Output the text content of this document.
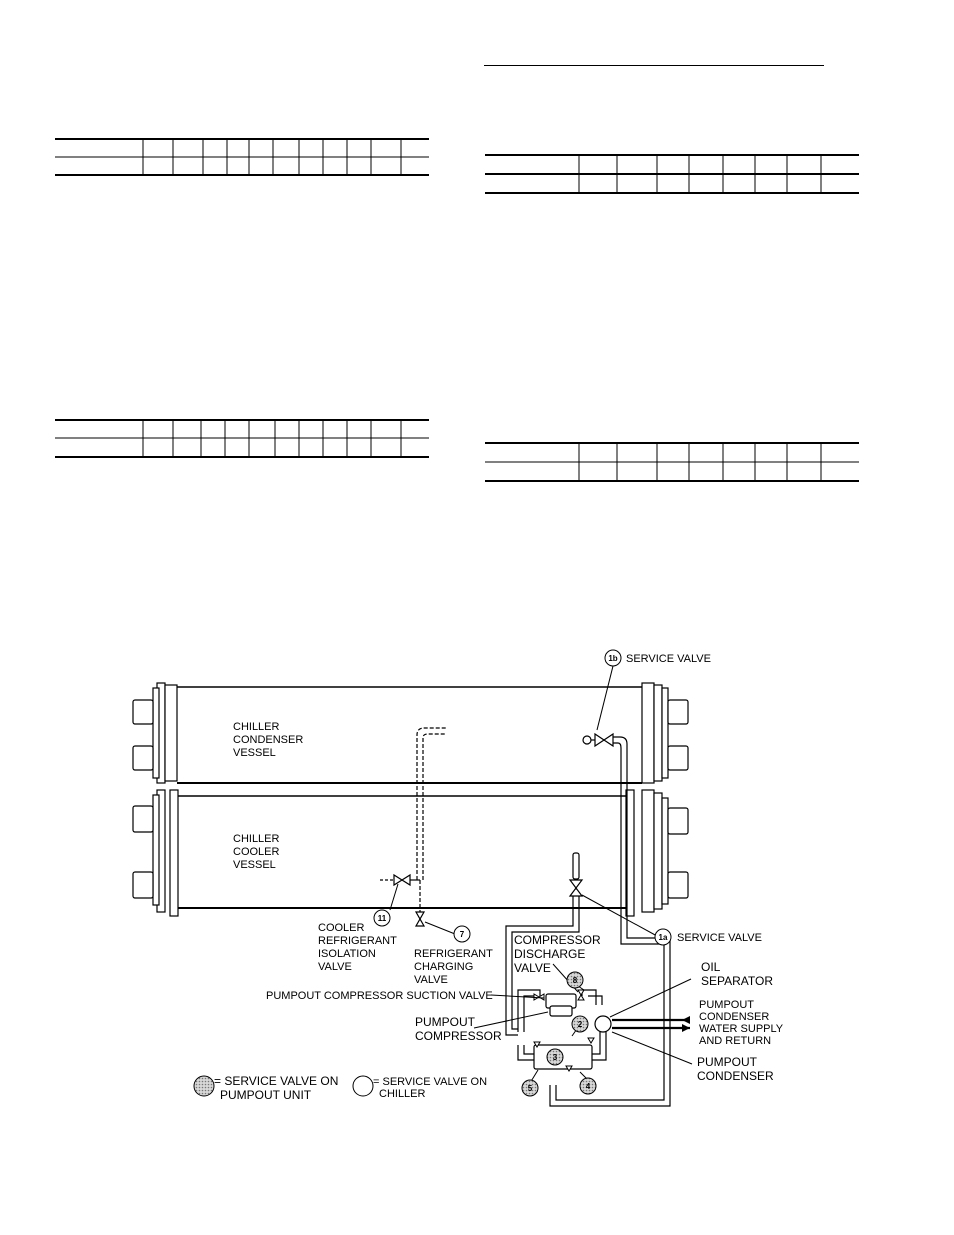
CHILLER CONDENSER VESSEL
CHILLER COOLER VESSEL
1b
11
7	1a
8
2
3
5	4
SERVICE VALVE
SERVICE VALVE
COOLER REFRIGERANT ISOLATION VALVE
REFRIGERANT CHARGING VALVE
COMPRESSOR DISCHARGE VALVE	OIL SEPARATOR
PUMPOUT COMPRESSOR SUCTION VALVE
PUMPOUT COMPRESSOR
PUMPOUT CONDENSER WATER SUPPLY AND RETURN
PUMPOUT CONDENSER
= SERVICE VALVE ON PUMPOUT UNIT
= SERVICE VALVE ON CHILLER
